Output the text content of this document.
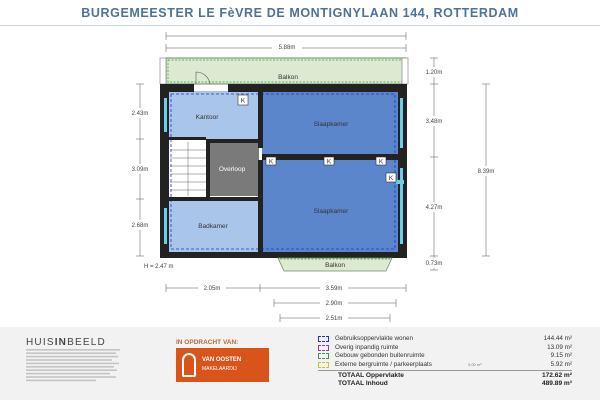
BURGEMEESTER LE FèVRE DE MONTIGNYLAAN 144, ROTTERDAM
Balkon
Balkon
K
K	K	K
K
Kantoor
Slaapkamer
Overloop
Badkamer
Slaapkamer
H = 2.47 m
5.88m
2.43m
3.09m
2.68m
1.20m
3.48m
4.27m
0.73m
8.39m
2.05m	3.59m
2.90m
2.51m
HUISINBEELD	IN OPDRACHT VAN:
VAN OOSTEN
MAKELAARDIJ
Gebruiksoppervlakte wonen	144.44 m²
Overig inpandig ruimte	13.09 m²
Gebouw gebonden buitenruimte	9.15 m²
Externe bergruimte / parkeerplaats	0.00 m²	5.92 m²
TOTAAL Oppervlakte	172.62 m²
TOTAAL Inhoud	489.89 m³
